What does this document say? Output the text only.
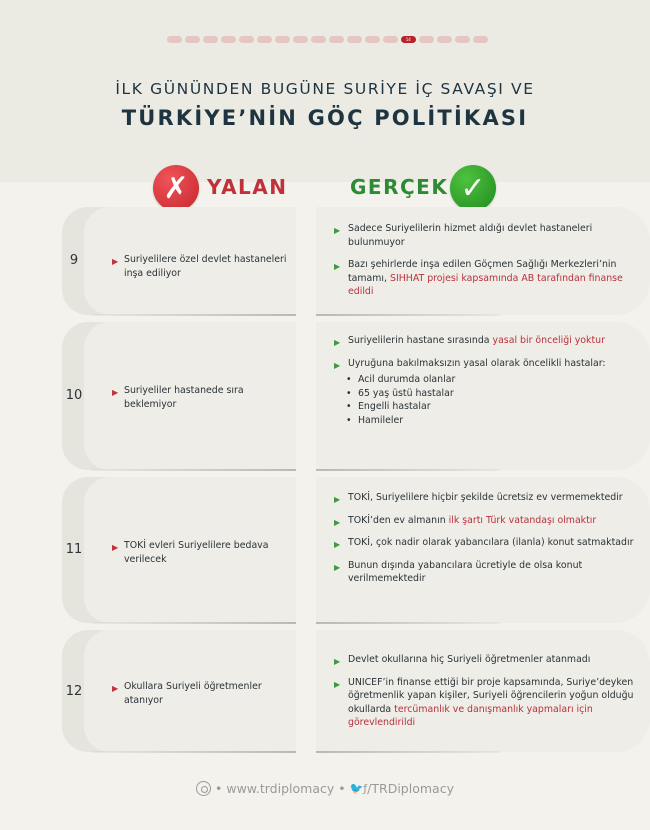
14
İLK GÜNÜNDEN BUGÜNE SURİYE İÇ SAVAŞI VE
TÜRKİYE’NİN GÖÇ POLİTİKASI
✗ YALAN	GERÇEK ✓
9	▶ Suriyelilere özel devlet hastaneleri inşa ediliyor
▶ Sadece Suriyelilerin hizmet aldığı devlet hastaneleri bulunmuyor
▶ Bazı şehirlerde inşa edilen Göçmen Sağlığı Merkezleri’nin tamamı, SIHHAT projesi kapsamında AB tarafından finanse edildi
10	▶ Suriyeliler hastanede sıra beklemiyor
▶ Suriyelilerin hastane sırasında yasal bir önceliği yoktur
▶ Uyruğuna bakılmaksızın yasal olarak öncelikli hastalar:
• Acil durumda olanlar
• 65 yaş üstü hastalar
• Engelli hastalar
• Hamileler
11	▶ TOKİ evleri Suriyelilere bedava verilecek
▶ TOKİ, Suriyelilere hiçbir şekilde ücretsiz ev vermemektedir
▶ TOKİ’den ev almanın ilk şartı Türk vatandaşı olmaktır
▶ TOKİ, çok nadir olarak yabancılara (ilanla) konut satmaktadır
▶ Bunun dışında yabancılara ücretiyle de olsa konut verilmemektedir
12	▶ Okullara Suriyeli öğretmenler atanıyor
▶ Devlet okullarına hiç Suriyeli öğretmenler atanmadı
▶ UNICEF’in finanse ettiği bir proje kapsamında, Suriye’deyken öğretmenlik yapan kişiler, Suriyeli öğrencilerin yoğun olduğu okullarda tercümanlık ve danışmanlık yapmaları için görevlendirildi
• www.trdiplomacy • 🐦ƒ/TRDiplomacy
